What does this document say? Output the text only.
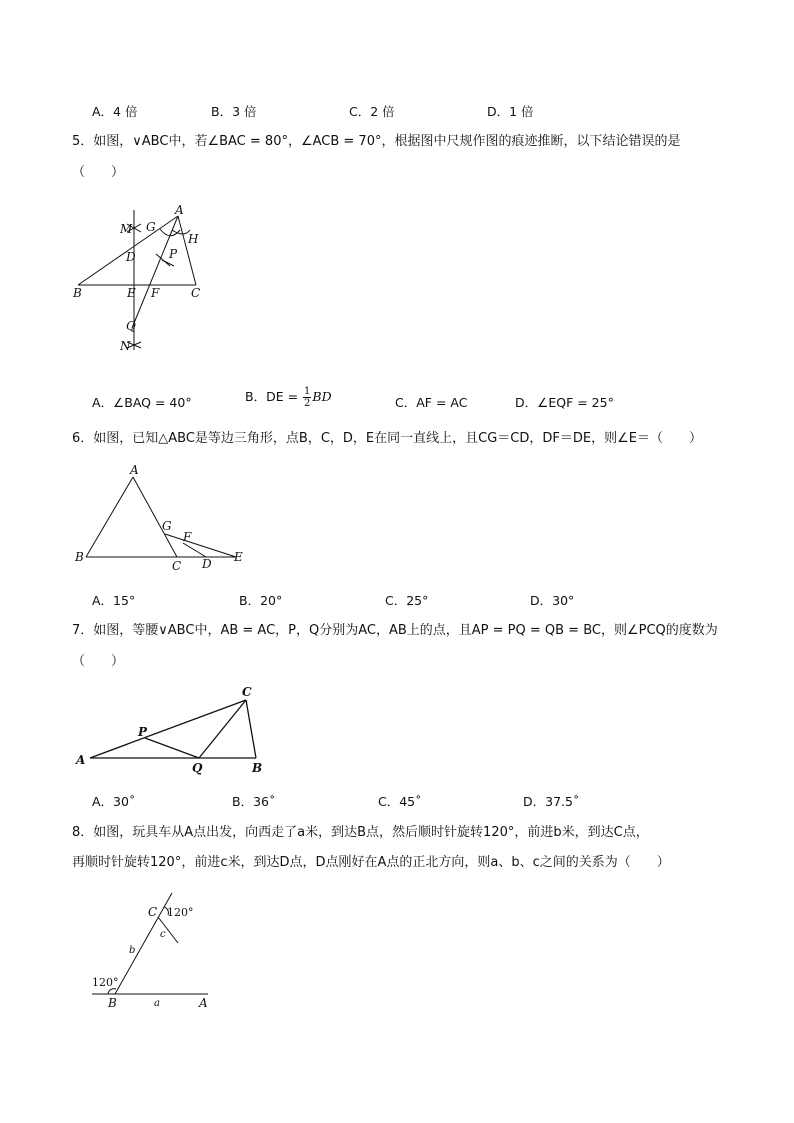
A．4 倍	B．3 倍	C．2 倍	D．1 倍
5．如图，∨ABC中，若∠BAC = 80°，∠ACB = 70°，根据图中尺规作图的痕迹推断，以下结论错误的是
（　　）
A
M G
H
D	P
B	E F	C
Q
N
A．∠BAQ = 40°	B．DE = $\frac{1}{2}$ BD	C．AF = AC	D．∠EQF = 25°
6．如图，已知△ABC是等边三角形，点B，C，D，E在同一直线上，且CG＝CD，DF＝DE，则∠E＝（　　）
A
G
F
B
C D E
A．15°	B．20°	C．25°	D．30°
7．如图，等腰∨ABC中，AB = AC，P，Q分别为AC，AB上的点，且AP = PQ = QB = BC，则∠PCQ的度数为
（　　）
C
P
A
Q	B
A．30˚	B．36˚	C．45˚	D．37.5˚
8．如图，玩具车从A点出发，向西走了a米，到达B点，然后顺时针旋转120°，前进b米，到达C点，
再顺时针旋转120°，前进c米，到达D点，D点刚好在A点的正北方向，则a、b、c之间的关系为（　　）
C 120°
c
b
120°
B	a	A
